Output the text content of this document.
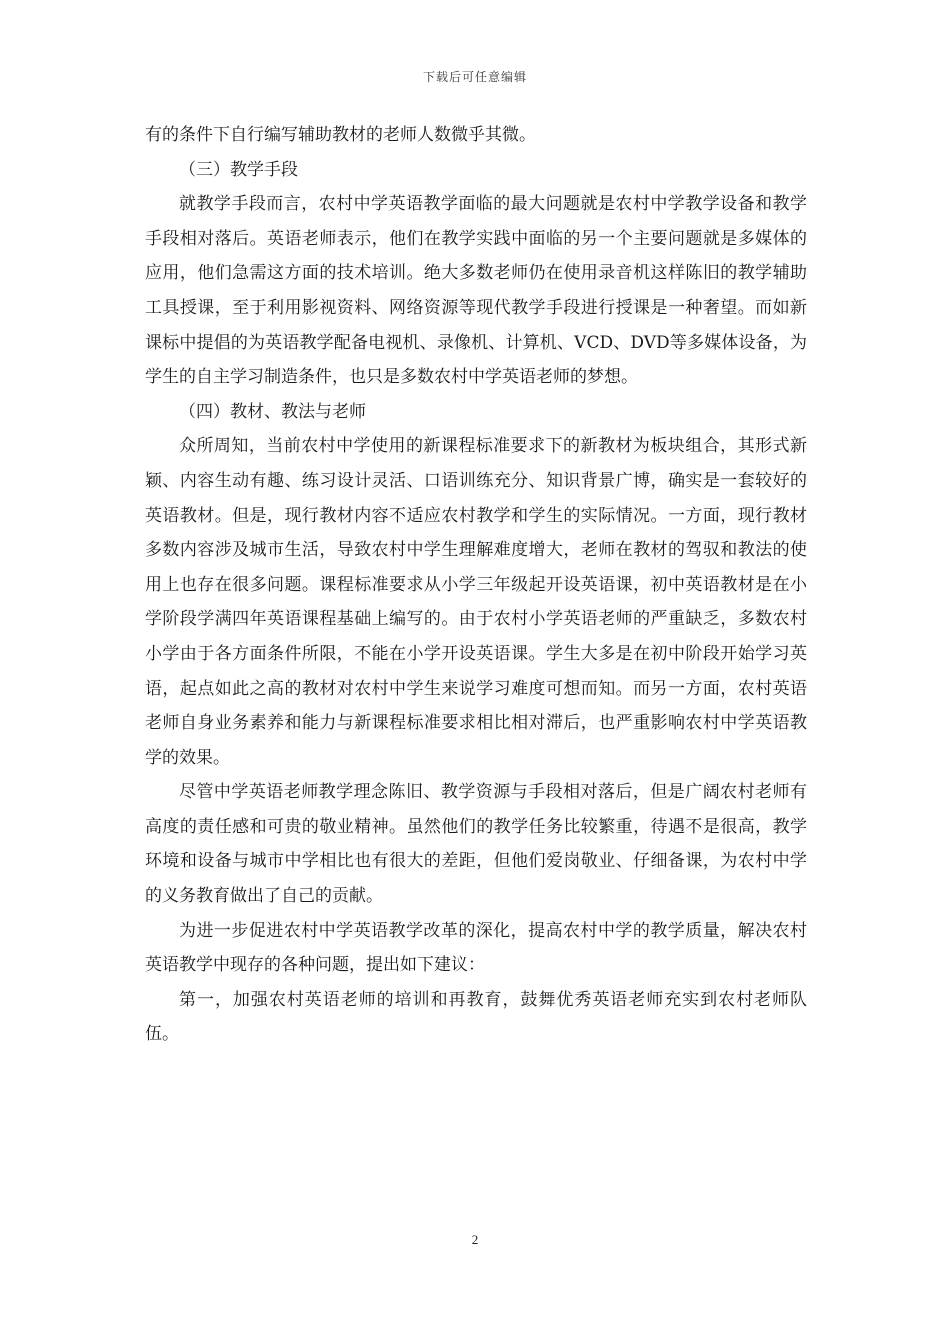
下载后可任意编辑

有的条件下自行编写辅助教材的老师人数微乎其微。

（三）教学手段

就教学手段而言，农村中学英语教学面临的最大问题就是农村中学教学设备和教学手段相对落后。英语老师表示，他们在教学实践中面临的另一个主要问题就是多媒体的应用，他们急需这方面的技术培训。绝大多数老师仍在使用录音机这样陈旧的教学辅助工具授课，至于利用影视资料、网络资源等现代教学手段进行授课是一种奢望。而如新课标中提倡的为英语教学配备电视机、录像机、计算机、VCD、DVD等多媒体设备，为学生的自主学习制造条件，也只是多数农村中学英语老师的梦想。

（四）教材、教法与老师

众所周知，当前农村中学使用的新课程标准要求下的新教材为板块组合，其形式新颖、内容生动有趣、练习设计灵活、口语训练充分、知识背景广博，确实是一套较好的英语教材。但是，现行教材内容不适应农村教学和学生的实际情况。一方面，现行教材多数内容涉及城市生活，导致农村中学生理解难度增大，老师在教材的驾驭和教法的使用上也存在很多问题。课程标准要求从小学三年级起开设英语课，初中英语教材是在小学阶段学满四年英语课程基础上编写的。由于农村小学英语老师的严重缺乏，多数农村小学由于各方面条件所限，不能在小学开设英语课。学生大多是在初中阶段开始学习英语，起点如此之高的教材对农村中学生来说学习难度可想而知。而另一方面，农村英语老师自身业务素养和能力与新课程标准要求相比相对滞后，也严重影响农村中学英语教学的效果。

尽管中学英语老师教学理念陈旧、教学资源与手段相对落后，但是广阔农村老师有高度的责任感和可贵的敬业精神。虽然他们的教学任务比较繁重，待遇不是很高，教学环境和设备与城市中学相比也有很大的差距，但他们爱岗敬业、仔细备课，为农村中学的义务教育做出了自己的贡献。

为进一步促进农村中学英语教学改革的深化，提高农村中学的教学质量，解决农村英语教学中现存的各种问题，提出如下建议：

第一，加强农村英语老师的培训和再教育，鼓舞优秀英语老师充实到农村老师队伍。

2
